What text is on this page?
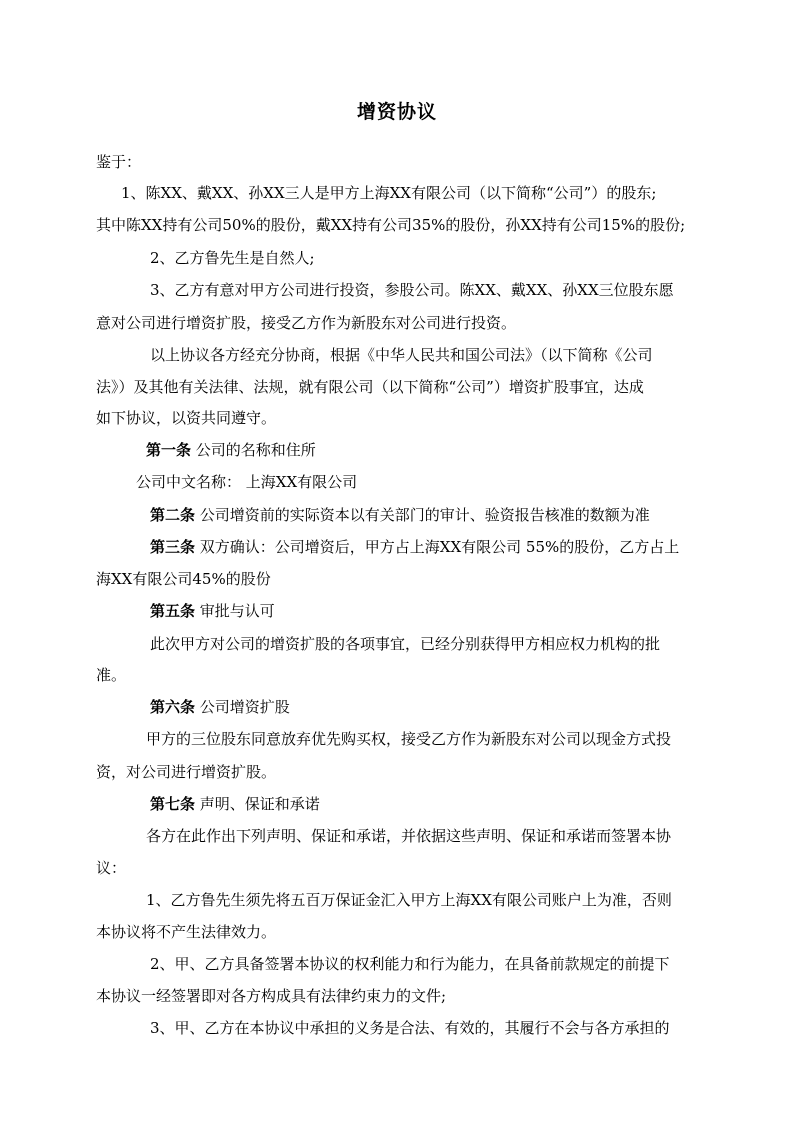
增资协议
鉴于：
1、陈XX、戴XX、孙XX三人是甲方上海XX有限公司（以下简称“公司”）的股东;
其中陈XX持有公司50%的股份，戴XX持有公司35%的股份，孙XX持有公司15%的股份;
2、乙方鲁先生是自然人;
3、乙方有意对甲方公司进行投资，参股公司。陈XX、戴XX、孙XX三位股东愿
意对公司进行增资扩股，接受乙方作为新股东对公司进行投资。
以上协议各方经充分协商，根据《中华人民共和国公司法》（以下简称《公司
法》）及其他有关法律、法规，就有限公司（以下简称“公司”）增资扩股事宜，达成
如下协议，以资共同遵守。
第一条 公司的名称和住所
公司中文名称： 上海XX有限公司
第二条 公司增资前的实际资本以有关部门的审计、验资报告核准的数额为准
第三条 双方确认：公司增资后，甲方占上海XX有限公司 55%的股份，乙方占上
海XX有限公司45%的股份
第五条 审批与认可
此次甲方对公司的增资扩股的各项事宜，已经分别获得甲方相应权力机构的批
准。
第六条 公司增资扩股
甲方的三位股东同意放弃优先购买权，接受乙方作为新股东对公司以现金方式投
资，对公司进行增资扩股。
第七条 声明、保证和承诺
各方在此作出下列声明、保证和承诺，并依据这些声明、保证和承诺而签署本协
议：
1、乙方鲁先生须先将五百万保证金汇入甲方上海XX有限公司账户上为准，否则
本协议将不产生法律效力。
2、甲、乙方具备签署本协议的权利能力和行为能力，在具备前款规定的前提下
本协议一经签署即对各方构成具有法律约束力的文件;
3、甲、乙方在本协议中承担的义务是合法、有效的，其履行不会与各方承担的
